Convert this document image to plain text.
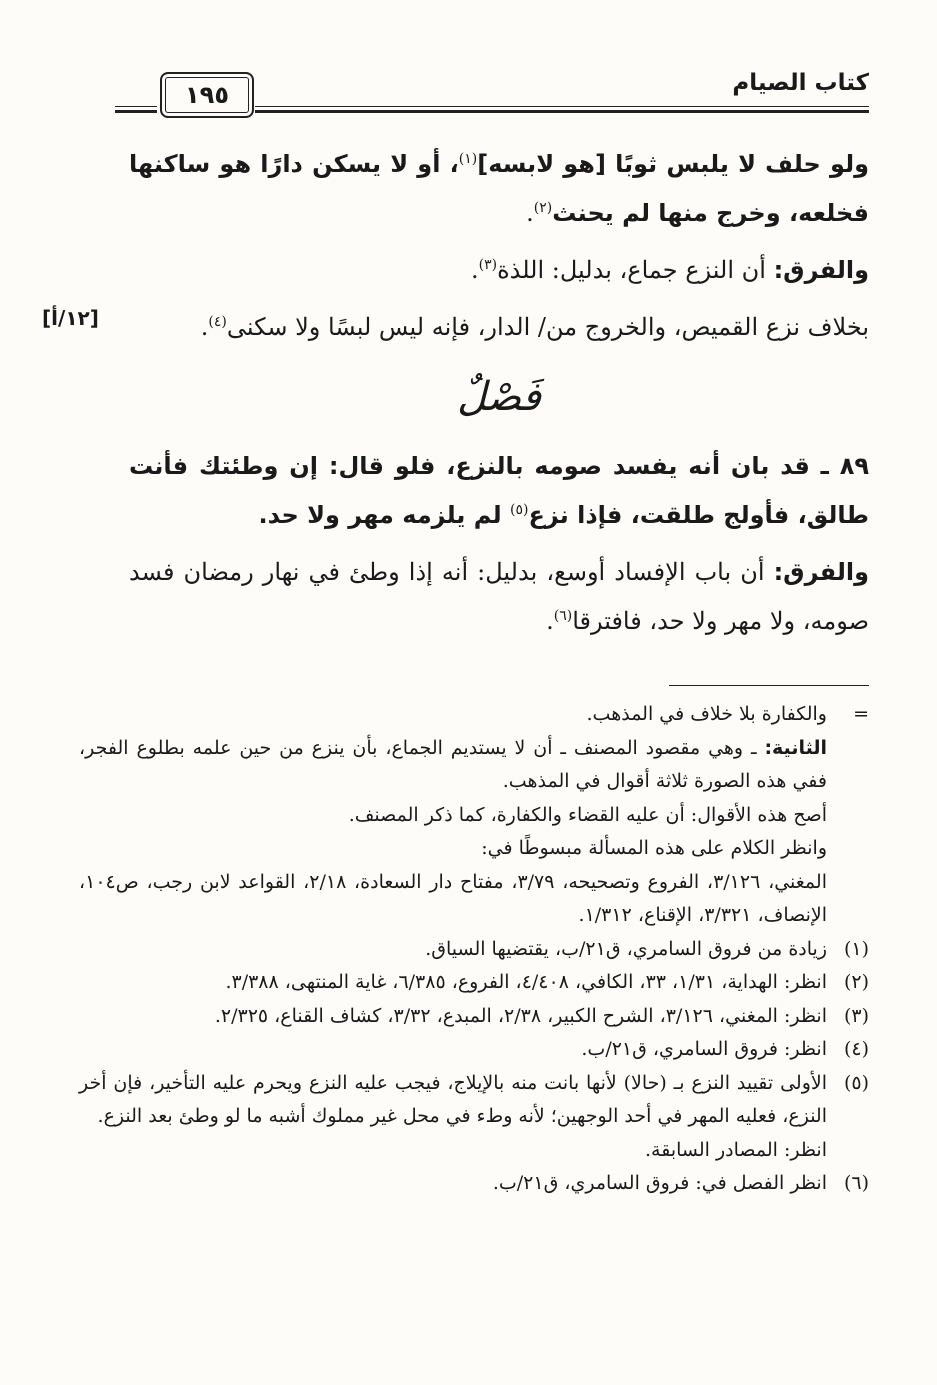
كتاب الصيام
١٩٥
[١٢/أ]

ولو حلف لا يلبس ثوبًا [هو لابسه]$^{(١)}$، أو لا يسكن دارًا هو ساكنها فخلعه، وخرج منها لم يحنث$^{(٢)}$.

والفرق: أن النزع جماع، بدليل: اللذة$^{(٣)}$.

بخلاف نزع القميص، والخروج من/ الدار، فإنه ليس لبسًا ولا سكنى$^{(٤)}$.

فَصْلٌ

٨٩ ـ قد بان أنه يفسد صومه بالنزع، فلو قال: إن وطئتك فأنت طالق، فأولج طلقت، فإذا نزع$^{(٥)}$ لم يلزمه مهر ولا حد.

والفرق: أن باب الإفساد أوسع، بدليل: أنه إذا وطئ في نهار رمضان فسد صومه، ولا مهر ولا حد، فافترقا$^{(٦)}$.

=
والكفارة بلا خلاف في المذهب.

الثانية: ـ وهي مقصود المصنف ـ أن لا يستديم الجماع، بأن ينزع من حين علمه بطلوع الفجر، ففي هذه الصورة ثلاثة أقوال في المذهب.

أصح هذه الأقوال: أن عليه القضاء والكفارة، كما ذكر المصنف.

وانظر الكلام على هذه المسألة مبسوطًا في:

المغني، ٣/١٢٦، الفروع وتصحيحه، ٣/٧٩، مفتاح دار السعادة، ٢/١٨، القواعد لابن رجب، ص١٠٤، الإنصاف، ٣/٣٢١، الإقناع، ١/٣١٢.

(١)
زيادة من فروق السامري، ق٢١/ب، يقتضيها السياق.

(٢)
انظر: الهداية، ١/٣١، ٣٣، الكافي، ٤/٤٠٨، الفروع، ٦/٣٨٥، غاية المنتهى، ٣/٣٨٨.

(٣)
انظر: المغني، ٣/١٢٦، الشرح الكبير، ٢/٣٨، المبدع، ٣/٣٢، كشاف القناع، ٢/٣٢٥.

(٤)
انظر: فروق السامري، ق٢١/ب.

(٥)
الأولى تقييد النزع بـ (حالا) لأنها بانت منه بالإيلاج، فيجب عليه النزع ويحرم عليه التأخير، فإن أخر النزع، فعليه المهر في أحد الوجهين؛ لأنه وطء في محل غير مملوك أشبه ما لو وطئ بعد النزع.

انظر: المصادر السابقة.

(٦)
انظر الفصل في: فروق السامري، ق٢١/ب.
